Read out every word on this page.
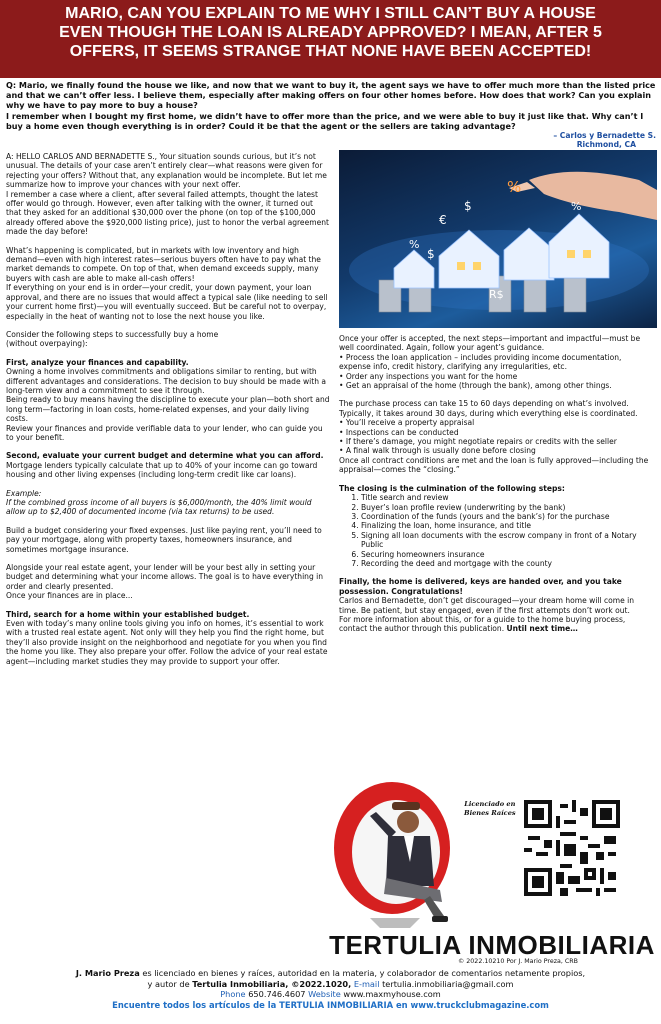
MARIO, CAN YOU EXPLAIN TO ME WHY I STILL CAN’T BUY A HOUSE
EVEN THOUGH THE LOAN IS ALREADY APPROVED? I MEAN, AFTER 5
OFFERS, IT SEEMS STRANGE THAT NONE HAVE BEEN ACCEPTED!

Q: Mario, we finally found the house we like, and now that we want to buy it, the agent says we have to offer much more than the listed price and that we can’t offer less. I believe them, especially after making offers on four other homes before. How does that work? Can you explain why we have to pay more to buy a house?

I remember when I bought my first home, we didn’t have to offer more than the price, and we were able to buy it just like that. Why can’t I buy a home even though everything is in order? Could it be that the agent or the sellers are taking advantage?

– Carlos y Bernadette S.
Richmond, CA

A: HELLO CARLOS AND BERNADETTE S., Your situation sounds curious, but it’s not unusual. The details of your case aren’t entirely clear—what reasons were given for rejecting your offers? Without that, any explanation would be incomplete. But let me summarize how to improve your chances with your next offer.

I remember a case where a client, after several failed attempts, thought the latest offer would go through. However, even after talking with the owner, it turned out that they asked for an additional $30,000 over the phone (on top of the $100,000 already offered above the $920,000 listing price), just to honor the verbal agreement made the day before!

What’s happening is complicated, but in markets with low inventory and high demand—even with high interest rates—serious buyers often have to pay what the market demands to compete. On top of that, when demand exceeds supply, many buyers with cash are able to make all-cash offers!

If everything on your end is in order—your credit, your down payment, your loan approval, and there are no issues that would affect a typical sale (like needing to sell your current home first)—you will eventually succeed. But be careful not to overpay, especially in the heat of wanting not to lose the next house you like.

Consider the following steps to successfully buy a home

(without overpaying):

First, analyze your finances and capability.

Owning a home involves commitments and obligations similar to renting, but with different advantages and considerations. The decision to buy should be made with a long-term view and a commitment to see it through.

Being ready to buy means having the discipline to execute your plan—both short and long term—factoring in loan costs, home-related expenses, and your daily living costs.

Review your finances and provide verifiable data to your lender, who can guide you to your benefit.

Second, evaluate your current budget and determine what you can afford.

Mortgage lenders typically calculate that up to 40% of your income can go toward housing and other living expenses (including long-term credit like car loans).

Example:

If the combined gross income of all buyers is $6,000/month, the 40% limit would allow up to $2,400 of documented income (via tax returns) to be used.

Build a budget considering your fixed expenses. Just like paying rent, you’ll need to pay your mortgage, along with property taxes, homeowners insurance, and sometimes mortgage insurance.

Alongside your real estate agent, your lender will be your best ally in setting your budget and determining what your income allows. The goal is to have everything in order and clearly presented.

Once your finances are in place...

Third, search for a home within your established budget.

Even with today’s many online tools giving you info on homes, it’s essential to work with a trusted real estate agent. Not only will they help you find the right home, but they’ll also provide insight on the neighborhood and negotiate for you when you find the home you like. They also prepare your offer. Follow the advice of your real estate agent—including market studies they may provide to support your offer.

%
%
%
€
$
$
R$

Once your offer is accepted, the next steps—important and impactful—must be well coordinated. Again, follow your agent’s guidance.

• Process the loan application – includes providing income documentation, expense info, credit history, clarifying any irregularities, etc.
• Order any inspections you want for the home
• Get an appraisal of the home (through the bank), among other things.

The purchase process can take 15 to 60 days depending on what’s involved. Typically, it takes around 30 days, during which everything else is coordinated.

• You’ll receive a property appraisal
• Inspections can be conducted
• If there’s damage, you might negotiate repairs or credits with the seller
• A final walk through is usually done before closing

Once all contract conditions are met and the loan is fully approved—including the appraisal—comes the “closing.”

The closing is the culmination of the following steps:

1. Title search and review
2. Buyer’s loan profile review (underwriting by the bank)
3. Coordination of the funds (yours and the bank’s) for the purchase
4. Finalizing the loan, home insurance, and title
5. Signing all loan documents with the escrow company in front of a Notary Public
6. Securing homeowners insurance
7. Recording the deed and mortgage with the county

Finally, the home is delivered, keys are handed over, and you take possession. Congratulations!

Carlos and Bernadette, don’t get discouraged—your dream home will come in time. Be patient, but stay engaged, even if the first attempts don’t work out.

For more information about this, or for a guide to the home buying process, contact the author through this publication. Until next time…

Licenciado en
Bienes Raíces
TERTULIA INMOBILIARIA
© 2022.10210 Por J. Mario Preza, CRB
J. Mario Preza es licenciado en bienes y raíces, autoridad en la materia, y colaborador de comentarios netamente propios,
y autor de Tertulia Inmobiliaria, ©2022.1020, E-mail tertulia.inmobiliaria@gmail.com
Phone 650.746.4607 Website www.maxmyhouse.com
Encuentre todos los artículos de la TERTULIA INMOBILIARIA en www.truckclubmagazine.com
